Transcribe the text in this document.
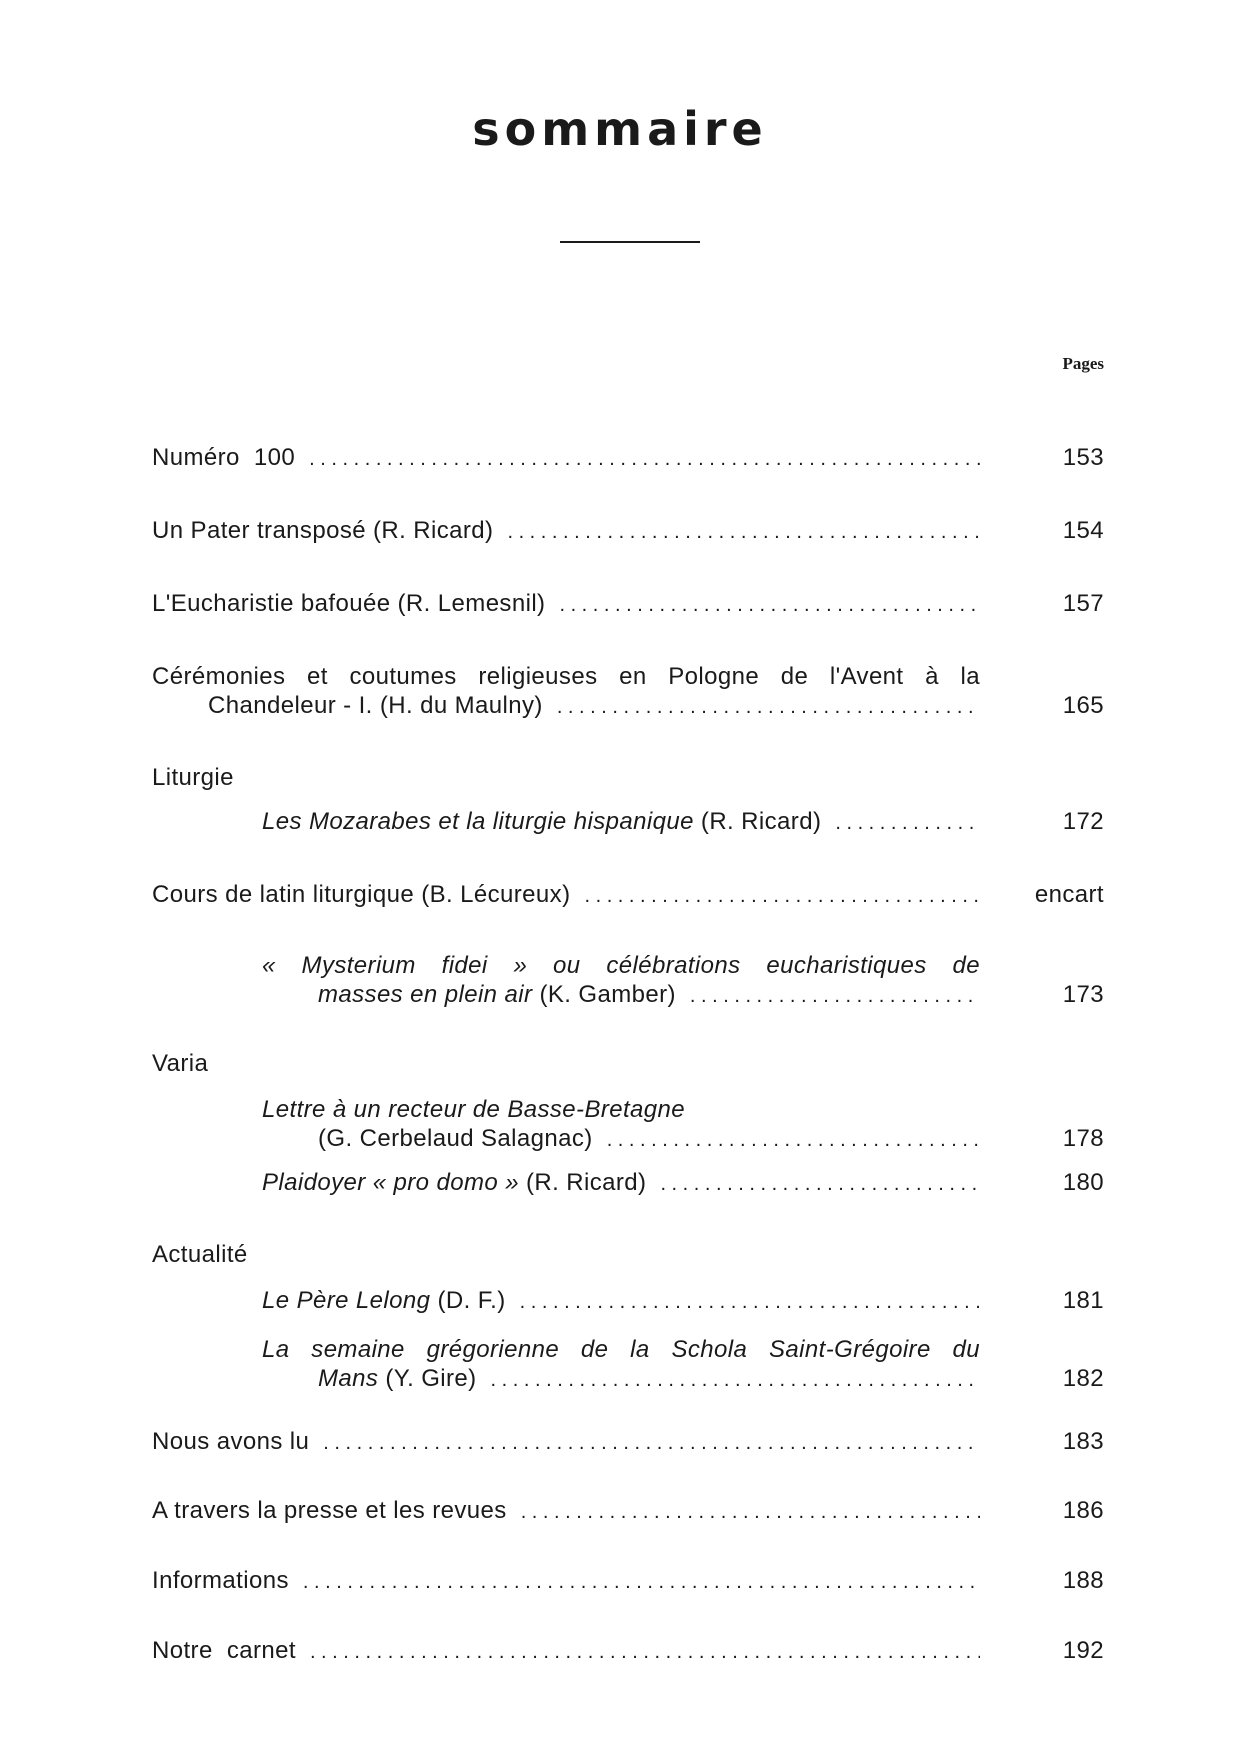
sommaire
Pages
Numéro  100 . . .	153
Un Pater transposé (R. Ricard) . . .	154
L'Eucharistie bafouée (R. Lemesnil) . . .	157
Cérémonies et coutumes religieuses en Pologne de l'Avent à la
Chandeleur - I. (H. du Maulny) . . .	165
Liturgie
Les Mozarabes et la liturgie hispanique (R. Ricard) . . .	172
Cours de latin liturgique (B. Lécureux) . . .	encart
« Mysterium fidei » ou célébrations eucharistiques de
masses en plein air (K. Gamber) . . .	173
Varia
Lettre à un recteur de Basse-Bretagne
(G. Cerbelaud Salagnac) . . .	178
Plaidoyer « pro domo » (R. Ricard) . . .	180
Actualité
Le Père Lelong (D. F.) . . .	181
La semaine grégorienne de la Schola Saint-Grégoire du
Mans (Y. Gire) . . .	182
Nous avons lu . . .	183
A travers la presse et les revues . . .	186
Informations . . .	188
Notre  carnet . . .	192
